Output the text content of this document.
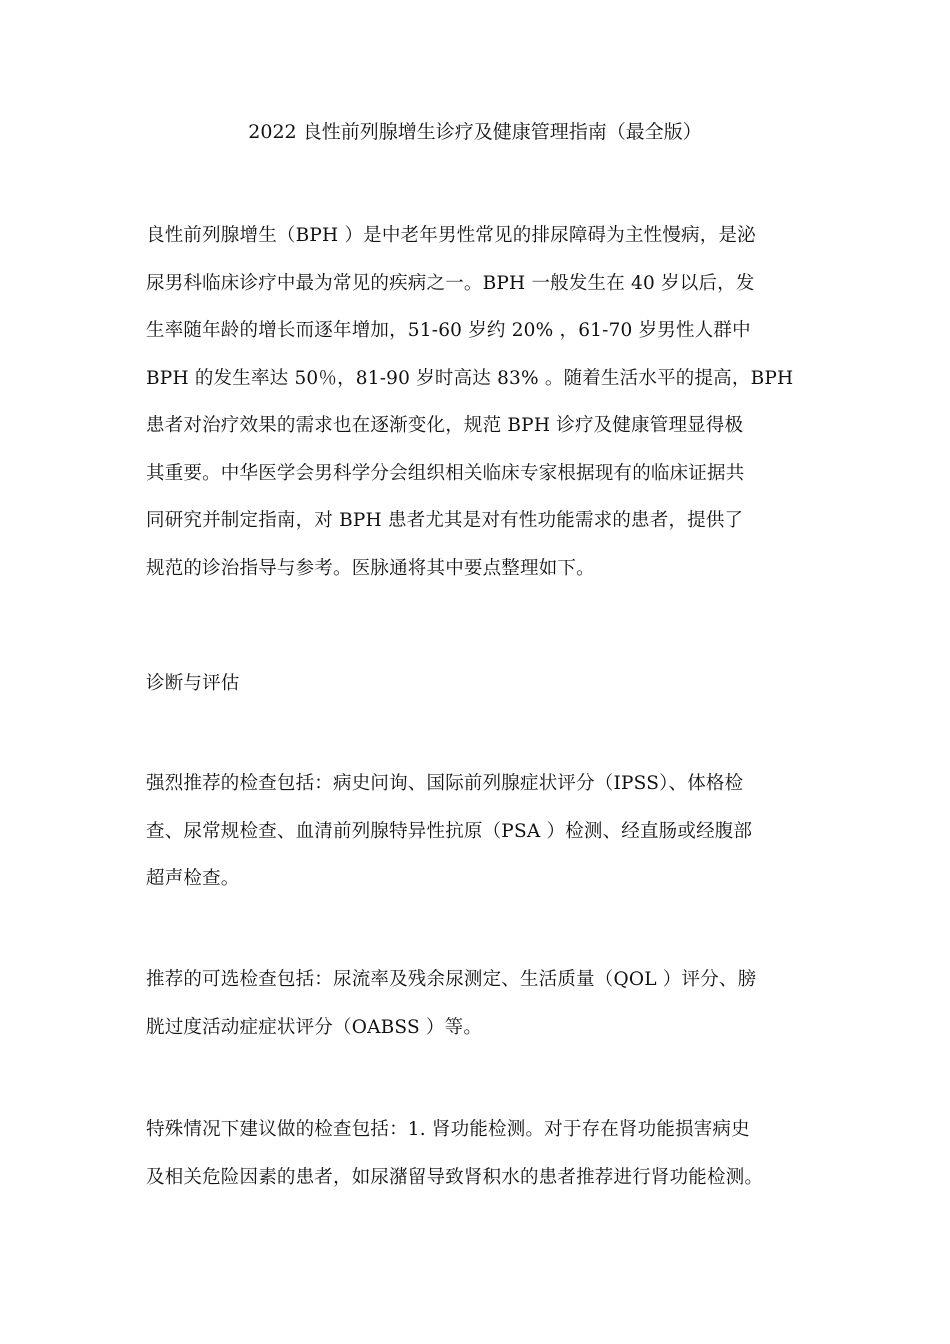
2022 良性前列腺增生诊疗及健康管理指南（最全版）

良性前列腺增生（BPH ）是中老年男性常见的排尿障碍为主性慢病，是泌
尿男科临床诊疗中最为常见的疾病之一。BPH 一般发生在 40 岁以后，发
生率随年龄的增长而逐年增加，51-60 岁约 20% ，61-70 岁男性人群中
BPH 的发生率达 50％，81-90 岁时高达 83% 。随着生活水平的提高，BPH
患者对治疗效果的需求也在逐渐变化，规范 BPH 诊疗及健康管理显得极
其重要。中华医学会男科学分会组织相关临床专家根据现有的临床证据共
同研究并制定指南，对 BPH 患者尤其是对有性功能需求的患者，提供了
规范的诊治指导与参考。医脉通将其中要点整理如下。

诊断与评估

强烈推荐的检查包括：病史问询、国际前列腺症状评分（IPSS）、体格检
查、尿常规检查、血清前列腺特异性抗原（PSA ）检测、经直肠或经腹部
超声检查。

推荐的可选检查包括：尿流率及残余尿测定、生活质量（QOL ）评分、膀
胱过度活动症症状评分（OABSS ）等。

特殊情况下建议做的检查包括：1. 肾功能检测。对于存在肾功能损害病史
及相关危险因素的患者，如尿潴留导致肾积水的患者推荐进行肾功能检测。
